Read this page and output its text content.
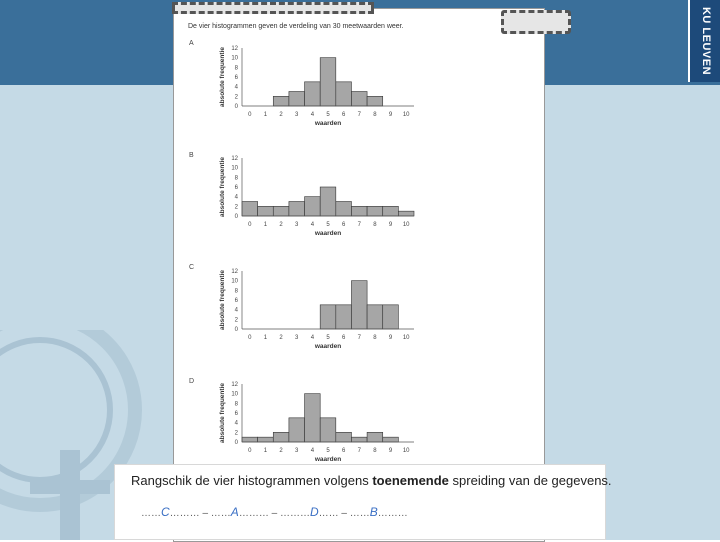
KU LEUVEN
De vier histogrammen geven de verdeling van 30 meetwaarden weer.
A
0
2
4
6
8
10
12
0 1 2 3 4 5 6 7 8 9 10
waarden
absolute frequentie
B
0
2
4
6
8
10
12
0 1 2 3 4 5 6 7 8 9 10
waarden
absolute frequentie
C
0
2
4
6
8
10
12
0 1 2 3 4 5 6 7 8 9 10
waarden
absolute frequentie
D
0
2
4
6
8
10
12
0 1 2 3 4 5 6 7 8 9 10
waarden
absolute frequentie
Rangschik de vier histogrammen volgens toenemende spreiding van de gegevens.
……C……… – ……A……… – ………D…… – ……B………
